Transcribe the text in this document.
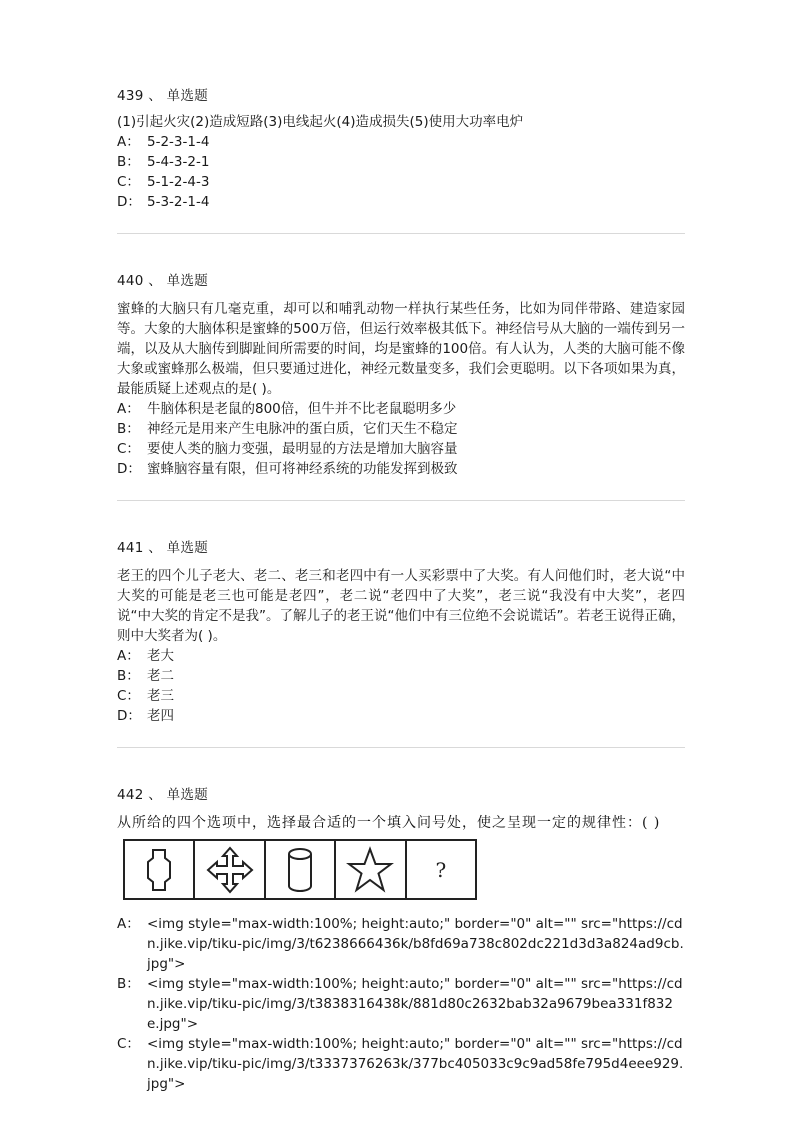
439 、 单选题
(1)引起火灾(2)造成短路(3)电线起火(4)造成损失(5)使用大功率电炉
A： 5-2-3-1-4
B： 5-4-3-2-1
C： 5-1-2-4-3
D： 5-3-2-1-4
440 、 单选题
蜜蜂的大脑只有几毫克重，却可以和哺乳动物一样执行某些任务，比如为同伴带路、建造家园等。大象的大脑体积是蜜蜂的500万倍，但运行效率极其低下。神经信号从大脑的一端传到另一端，以及从大脑传到脚趾间所需要的时间，均是蜜蜂的100倍。有人认为，人类的大脑可能不像大象或蜜蜂那么极端，但只要通过进化，神经元数量变多，我们会更聪明。以下各项如果为真，最能质疑上述观点的是( )。
A： 牛脑体积是老鼠的800倍，但牛并不比老鼠聪明多少
B： 神经元是用来产生电脉冲的蛋白质，它们天生不稳定
C： 要使人类的脑力变强，最明显的方法是增加大脑容量
D： 蜜蜂脑容量有限，但可将神经系统的功能发挥到极致
441 、 单选题
老王的四个儿子老大、老二、老三和老四中有一人买彩票中了大奖。有人问他们时，老大说“中大奖的可能是老三也可能是老四”，老二说“老四中了大奖”，老三说“我没有中大奖”，老四说“中大奖的肯定不是我”。了解儿子的老王说“他们中有三位绝不会说谎话”。若老王说得正确，则中大奖者为( )。
A： 老大
B： 老二
C： 老三
D： 老四
442 、 单选题
从所给的四个选项中，选择最合适的一个填入问号处，使之呈现一定的规律性：( )
?
A： <img style="max-width:100%; height:auto;" border="0" alt="" src="https://cdn.jike.vip/tiku-pic/img/3/t6238666436k/b8fd69a738c802dc221d3d3a824ad9cb.jpg">
B： <img style="max-width:100%; height:auto;" border="0" alt="" src="https://cdn.jike.vip/tiku-pic/img/3/t3838316438k/881d80c2632bab32a9679bea331f832e.jpg">
C： <img style="max-width:100%; height:auto;" border="0" alt="" src="https://cdn.jike.vip/tiku-pic/img/3/t3337376263k/377bc405033c9c9ad58fe795d4eee929.jpg">
